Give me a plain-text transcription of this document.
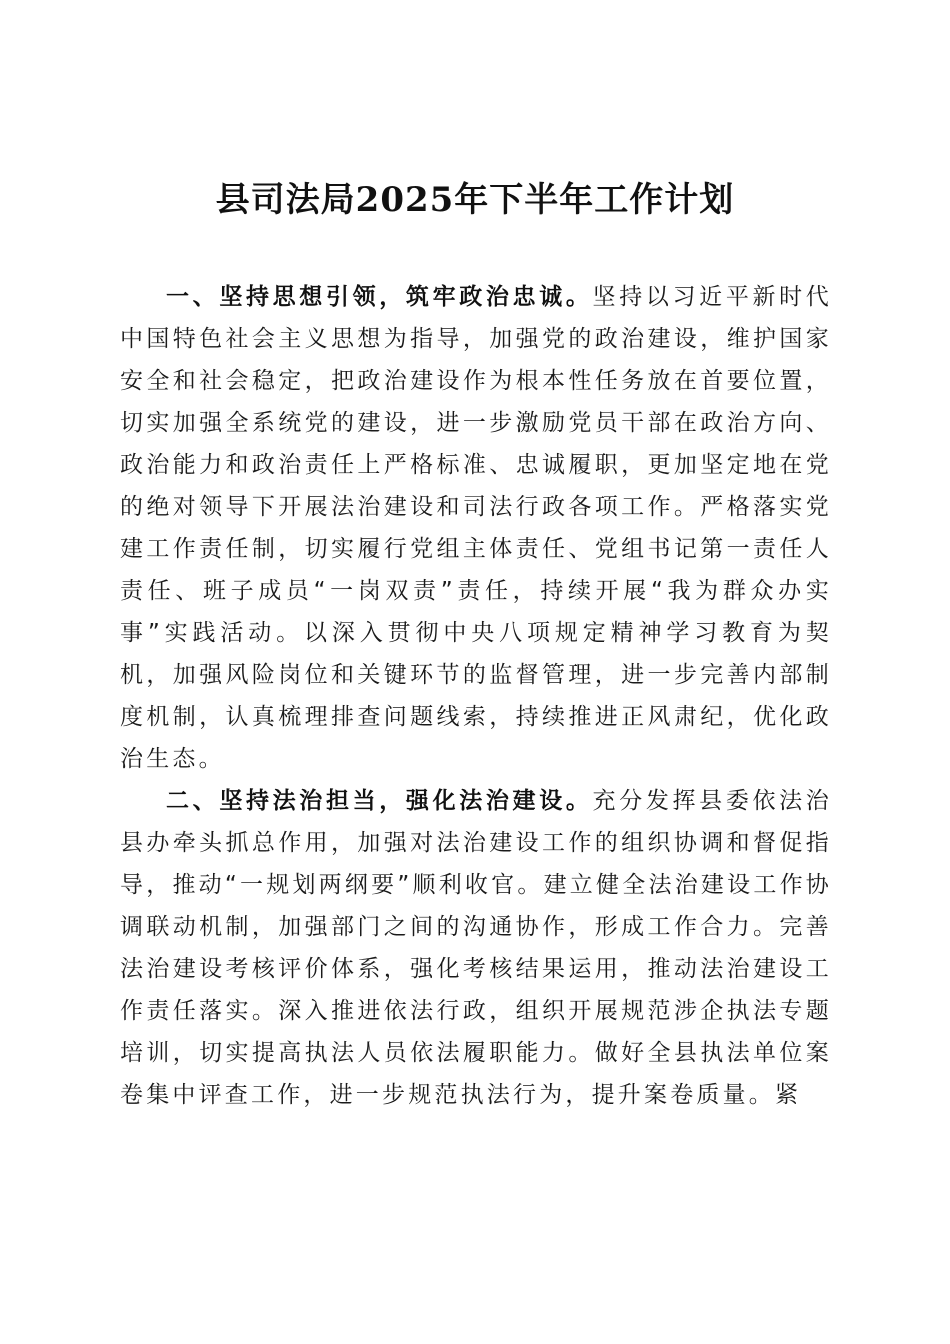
县司法局2025年下半年工作计划

一、坚持思想引领，筑牢政治忠诚。坚持以习近平新时代中国特色社会主义思想为指导，加强党的政治建设，维护国家安全和社会稳定，把政治建设作为根本性任务放在首要位置，切实加强全系统党的建设，进一步激励党员干部在政治方向、政治能力和政治责任上严格标准、忠诚履职，更加坚定地在党的绝对领导下开展法治建设和司法行政各项工作。严格落实党建工作责任制，切实履行党组主体责任、党组书记第一责任人责任、班子成员“一岗双责”责任，持续开展“我为群众办实事”实践活动。以深入贯彻中央八项规定精神学习教育为契机，加强风险岗位和关键环节的监督管理，进一步完善内部制度机制，认真梳理排查问题线索，持续推进正风肃纪，优化政治生态。

二、坚持法治担当，强化法治建设。充分发挥县委依法治县办牵头抓总作用，加强对法治建设工作的组织协调和督促指导，推动“一规划两纲要”顺利收官。建立健全法治建设工作协调联动机制，加强部门之间的沟通协作，形成工作合力。完善法治建设考核评价体系，强化考核结果运用，推动法治建设工作责任落实。深入推进依法行政，组织开展规范涉企执法专题培训，切实提高执法人员依法履职能力。做好全县执法单位案卷集中评查工作，进一步规范执法行为，提升案卷质量。紧
